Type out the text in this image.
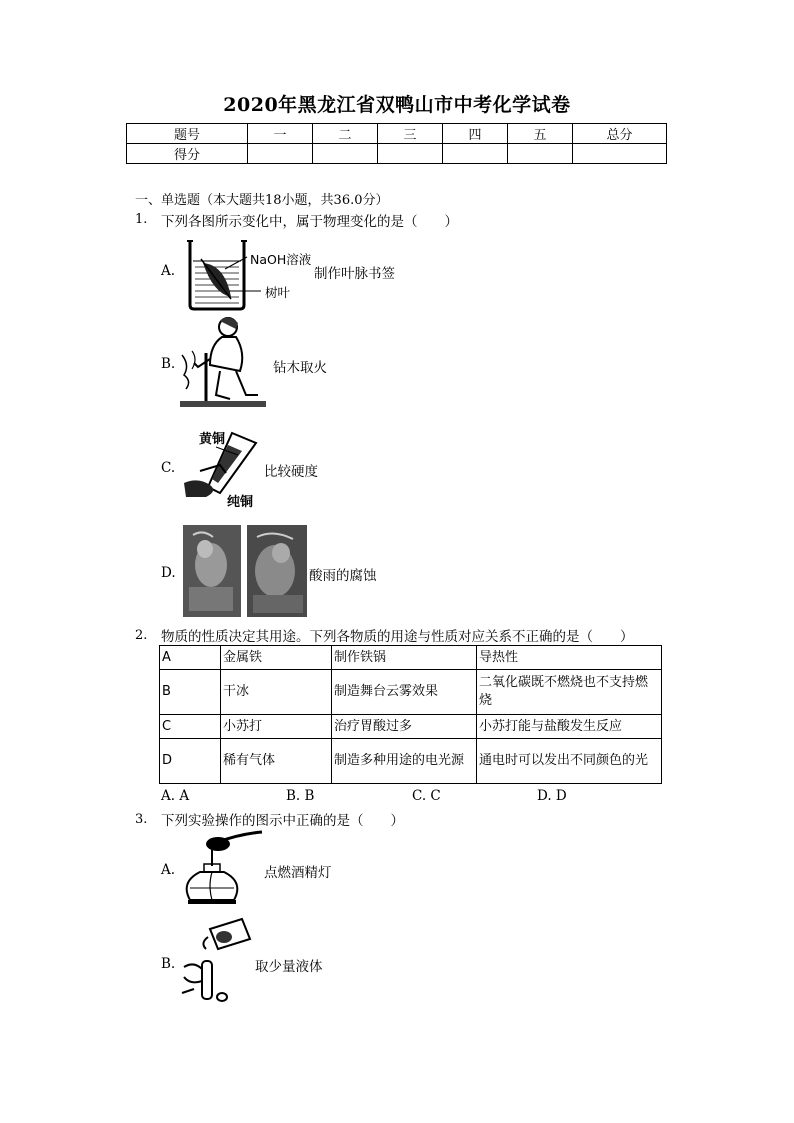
2020年黑龙江省双鸭山市中考化学试卷
题号	一	二	三	四	五	总分
得分						
一、单选题（本大题共18小题，共36.0分）
1. 下列各图所示变化中，属于物理变化的是（　　）
A.
NaOH溶液
树叶
制作叶脉书签
B.	钻木取火
C.
黄铜
纯铜
比较硬度
D.	酸雨的腐蚀
2. 物质的性质决定其用途。下列各物质的用途与性质对应关系不正确的是（　　）
A	金属铁	制作铁锅	导热性
B	干冰	制造舞台云雾效果	二氧化碳既不燃烧也不支持燃烧
C	小苏打	治疗胃酸过多	小苏打能与盐酸发生反应
D	稀有气体	制造多种用途的电光源	通电时可以发出不同颜色的光
A. A	B. B	C. C	D. D
3. 下列实验操作的图示中正确的是（　　）
A.	点燃酒精灯
B.	取少量液体
